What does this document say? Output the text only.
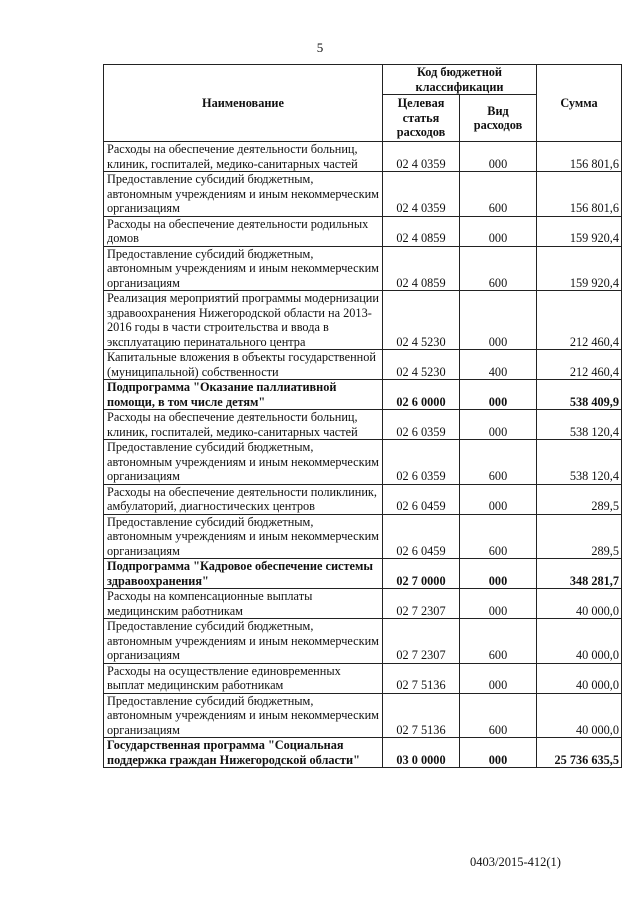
5
Наименование	Код бюджетной классификации		Сумма
	Целевая статья расходов	Вид расходов	
Расходы на обеспечение деятельности больниц, клиник, госпиталей, медико-санитарных частей	02 4 0359	000	156 801,6
Предоставление субсидий бюджетным, автономным учреждениям и иным некоммерческим организациям	02 4 0359	600	156 801,6
Расходы на обеспечение деятельности родильных домов	02 4 0859	000	159 920,4
Предоставление субсидий бюджетным, автономным учреждениям и иным некоммерческим организациям	02 4 0859	600	159 920,4
Реализация мероприятий программы модернизации здравоохранения Нижегородской области на 2013-2016 годы в части строительства и ввода в эксплуатацию перинатального центра	02 4 5230	000	212 460,4
Капитальные вложения в объекты государственной (муниципальной) собственности	02 4 5230	400	212 460,4
Подпрограмма "Оказание паллиативной помощи, в том числе детям"	02 6 0000	000	538 409,9
Расходы на обеспечение деятельности больниц, клиник, госпиталей, медико-санитарных частей	02 6 0359	000	538 120,4
Предоставление субсидий бюджетным, автономным учреждениям и иным некоммерческим организациям	02 6 0359	600	538 120,4
Расходы на обеспечение деятельности поликлиник, амбулаторий, диагностических центров	02 6 0459	000	289,5
Предоставление субсидий бюджетным, автономным учреждениям и иным некоммерческим организациям	02 6 0459	600	289,5
Подпрограмма "Кадровое обеспечение системы здравоохранения"	02 7 0000	000	348 281,7
Расходы на компенсационные выплаты медицинским работникам	02 7 2307	000	40 000,0
Предоставление субсидий бюджетным, автономным учреждениям и иным некоммерческим организациям	02 7 2307	600	40 000,0
Расходы на осуществление единовременных выплат медицинским работникам	02 7 5136	000	40 000,0
Предоставление субсидий бюджетным, автономным учреждениям и иным некоммерческим организациям	02 7 5136	600	40 000,0
Государственная программа "Социальная поддержка граждан Нижегородской области"	03 0 0000	000	25 736 635,5
0403/2015-412(1)
